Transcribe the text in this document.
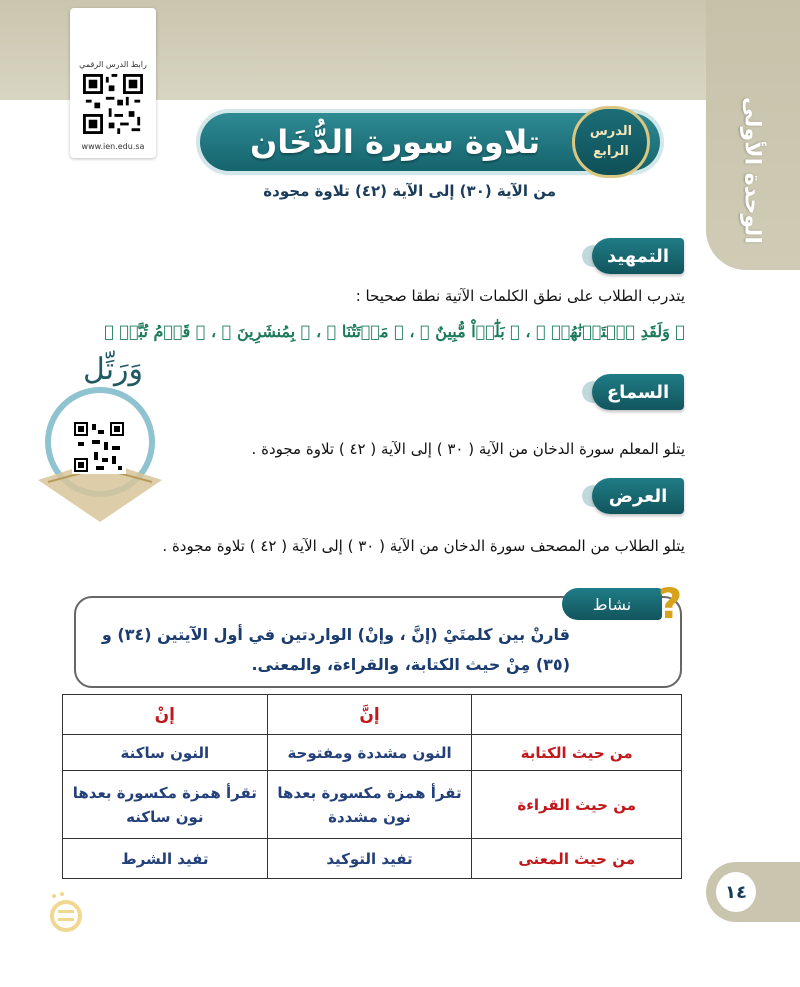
الوحدة الأولى
رابط الدرس الرقمي
www.ien.edu.sa	تلاوة سورة الدُّخَان	الدرس
الرابع
من الآية (٣٠) إلى الآية (٤٢) تلاوة مجودة
التمهيد
يتدرب الطلاب على نطق الكلمات الآتية نطقا صحيحا :
﴿ وَلَقَدِ ٱخۡتَرۡنَٰهُمۡ ﴾ ، ﴿ بَلَٰٓؤٞاْ مُّبِينٌ ﴾ ، ﴿ مَوۡتَتُنَا ﴾ ، ﴿ بِمُنشَرِينَ ﴾ ، ﴿ قَوۡمُ تُبَّعٖ ﴾
وَرَتِّل
السماع
يتلو المعلم سورة الدخان من الآية ( ٣٠ ) إلى الآية ( ٤٢ ) تلاوة مجودة .
العرض
يتلو الطلاب من المصحف سورة الدخان من الآية ( ٣٠ ) إلى الآية ( ٤٢ ) تلاوة مجودة .
نشاط ?
قارنْ بين كلمتَيْ (إنَّ ، وإنْ) الواردتين في أول الآيتين (٣٤) و (٣٥) مِنْ حيث الكتابة، والقراءة، والمعنى.
	إنَّ	إنْ
من حيث الكتابة	النون مشددة ومفتوحة	النون ساكنة
من حيث القراءة	تقرأ همزة مكسورة بعدها نون مشددة	تقرأ همزة مكسورة بعدها نون ساكنه
من حيث المعنى	تفيد التوكيد	تفيد الشرط
١٤
